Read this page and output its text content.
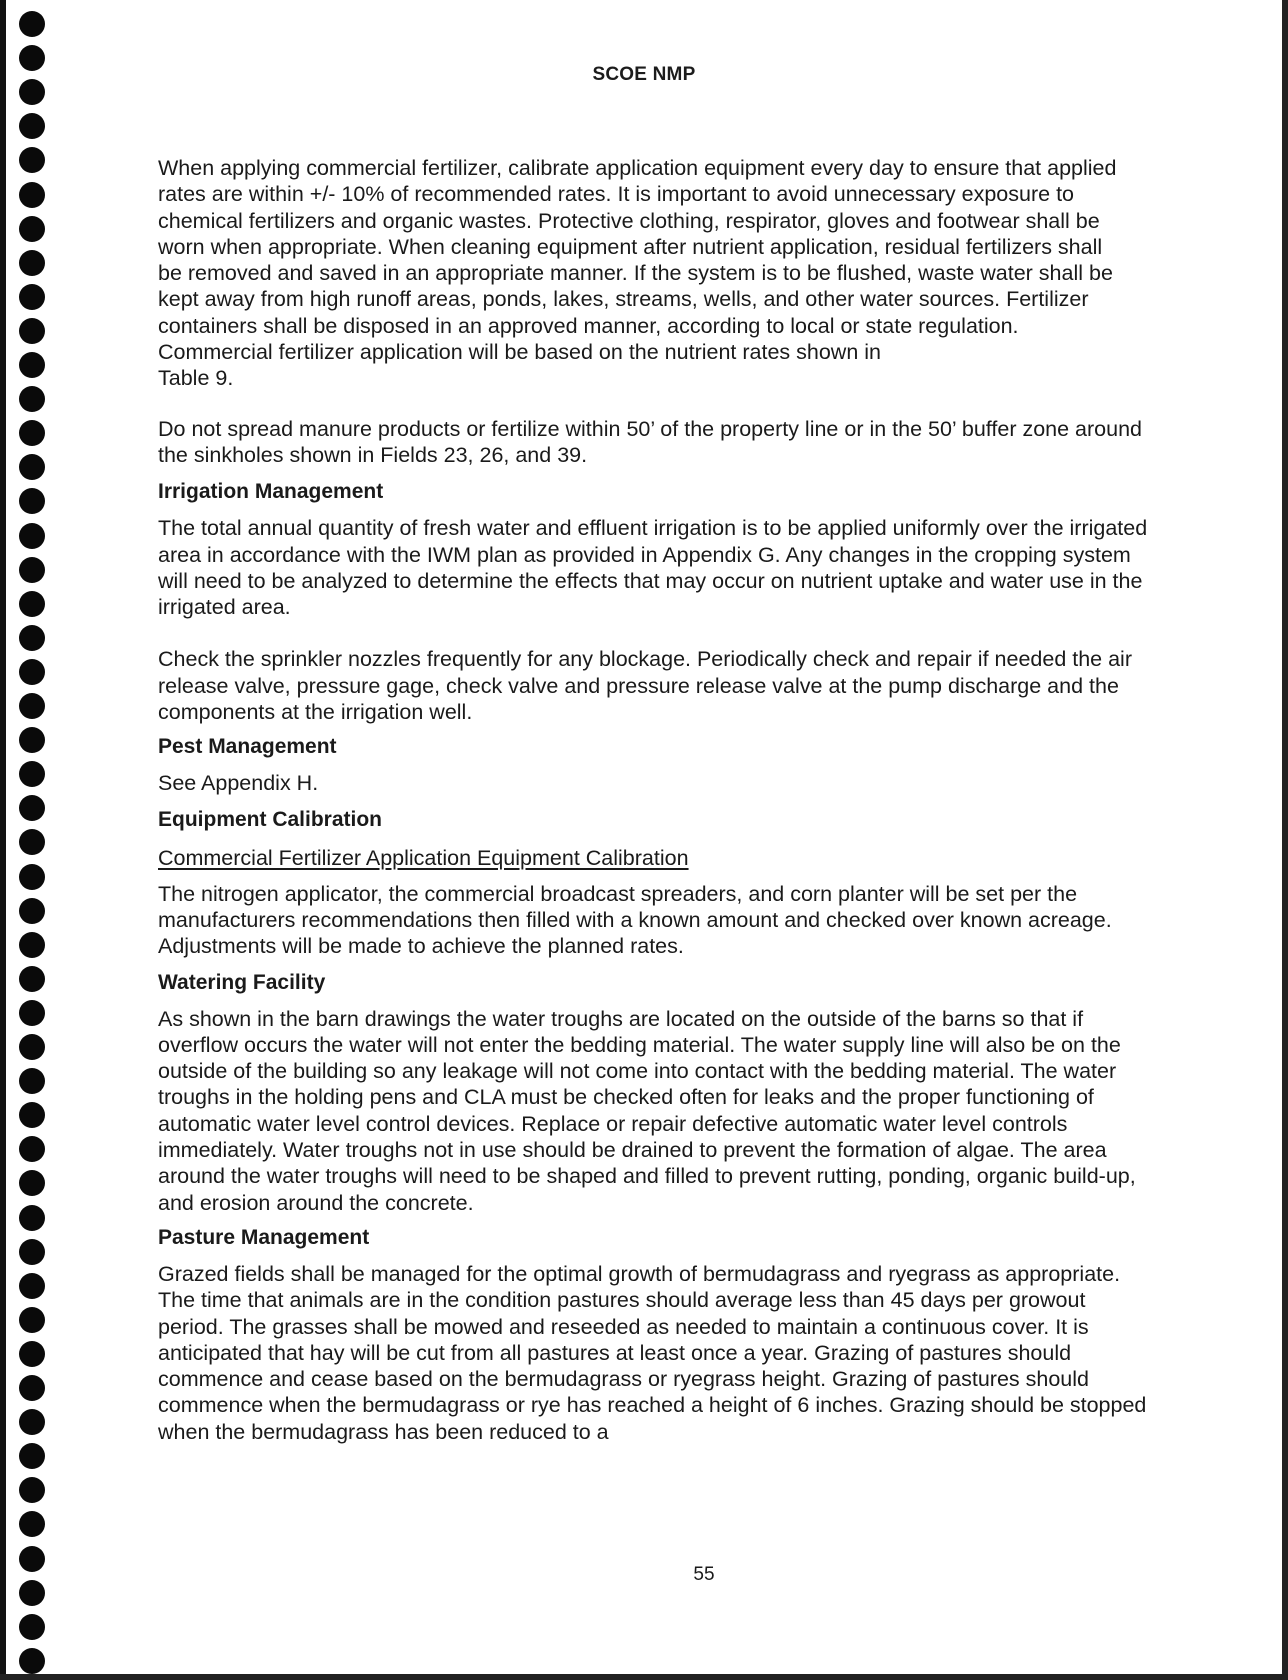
SCOE NMP

When applying commercial fertilizer, calibrate application equipment every day to ensure that applied rates are within +/- 10% of recommended rates. It is important to avoid unnecessary exposure to chemical fertilizers and organic wastes. Protective clothing, respirator, gloves and footwear shall be worn when appropriate. When cleaning equipment after nutrient application, residual fertilizers shall be removed and saved in an appropriate manner. If the system is to be flushed, waste water shall be kept away from high runoff areas, ponds, lakes, streams, wells, and other water sources. Fertilizer containers shall be disposed in an approved manner, according to local or state regulation. Commercial fertilizer application will be based on the nutrient rates shown in

Table 9.

Do not spread manure products or fertilize within 50’ of the property line or in the 50’ buffer zone around the sinkholes shown in Fields 23, 26, and 39.

Irrigation Management

The total annual quantity of fresh water and effluent irrigation is to be applied uniformly over the irrigated area in accordance with the IWM plan as provided in Appendix G. Any changes in the cropping system will need to be analyzed to determine the effects that may occur on nutrient uptake and water use in the irrigated area.

Check the sprinkler nozzles frequently for any blockage. Periodically check and repair if needed the air release valve, pressure gage, check valve and pressure release valve at the pump discharge and the components at the irrigation well.

Pest Management

See Appendix H.

Equipment Calibration

Commercial Fertilizer Application Equipment Calibration

The nitrogen applicator, the commercial broadcast spreaders, and corn planter will be set per the manufacturers recommendations then filled with a known amount and checked over known acreage. Adjustments will be made to achieve the planned rates.

Watering Facility

As shown in the barn drawings the water troughs are located on the outside of the barns so that if overflow occurs the water will not enter the bedding material. The water supply line will also be on the outside of the building so any leakage will not come into contact with the bedding material. The water troughs in the holding pens and CLA must be checked often for leaks and the proper functioning of automatic water level control devices. Replace or repair defective automatic water level controls immediately. Water troughs not in use should be drained to prevent the formation of algae. The area around the water troughs will need to be shaped and filled to prevent rutting, ponding, organic build-up, and erosion around the concrete.

Pasture Management

Grazed fields shall be managed for the optimal growth of bermudagrass and ryegrass as appropriate. The time that animals are in the condition pastures should average less than 45 days per growout period. The grasses shall be mowed and reseeded as needed to maintain a continuous cover. It is anticipated that hay will be cut from all pastures at least once a year. Grazing of pastures should commence and cease based on the bermudagrass or ryegrass height. Grazing of pastures should commence when the bermudagrass or rye has reached a height of 6 inches. Grazing should be stopped when the bermudagrass has been reduced to a

55
